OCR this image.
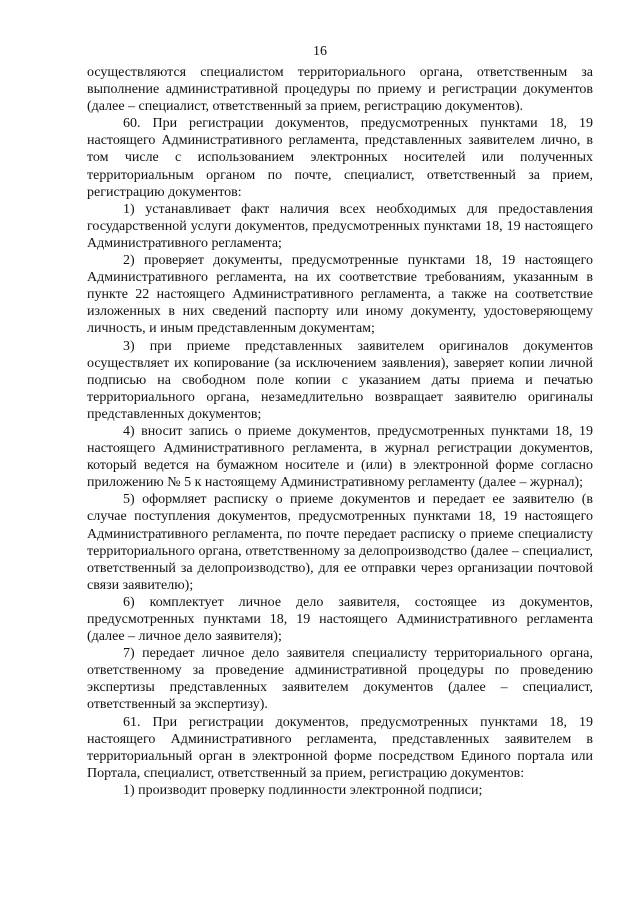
16

осуществляются специалистом территориального органа, ответственным за выполнение административной процедуры по приему и регистрации документов (далее – специалист, ответственный за прием, регистрацию документов).

60. При регистрации документов, предусмотренных пунктами 18, 19 настоящего Административного регламента, представленных заявителем лично, в том числе с использованием электронных носителей или полученных территориальным органом по почте, специалист, ответственный за прием, регистрацию документов:

1) устанавливает факт наличия всех необходимых для предоставления государственной услуги документов, предусмотренных пунктами 18, 19 настоящего Административного регламента;

2) проверяет документы, предусмотренные пунктами 18, 19 настоящего Административного регламента, на их соответствие требованиям, указанным в пункте 22 настоящего Административного регламента, а также на соответствие изложенных в них сведений паспорту или иному документу, удостоверяющему личность, и иным представленным документам;

3) при приеме представленных заявителем оригиналов документов осуществляет их копирование (за исключением заявления), заверяет копии личной подписью на свободном поле копии с указанием даты приема и печатью территориального органа, незамедлительно возвращает заявителю оригиналы представленных документов;

4) вносит запись о приеме документов, предусмотренных пунктами 18, 19 настоящего Административного регламента, в журнал регистрации документов, который ведется на бумажном носителе и (или) в электронной форме согласно приложению № 5 к настоящему Административному регламенту (далее – журнал);

5) оформляет расписку о приеме документов и передает ее заявителю (в случае поступления документов, предусмотренных пунктами 18, 19 настоящего Административного регламента, по почте передает расписку о приеме специалисту территориального органа, ответственному за делопроизводство (далее – специалист, ответственный за делопроизводство), для ее отправки через организации почтовой связи заявителю);

6) комплектует личное дело заявителя, состоящее из документов, предусмотренных пунктами 18, 19 настоящего Административного регламента (далее – личное дело заявителя);

7) передает личное дело заявителя специалисту территориального органа, ответственному за проведение административной процедуры по проведению экспертизы представленных заявителем документов (далее – специалист, ответственный за экспертизу).

61. При регистрации документов, предусмотренных пунктами 18, 19 настоящего Административного регламента, представленных заявителем в территориальный орган в электронной форме посредством Единого портала или Портала, специалист, ответственный за прием, регистрацию документов:

1) производит проверку подлинности электронной подписи;
